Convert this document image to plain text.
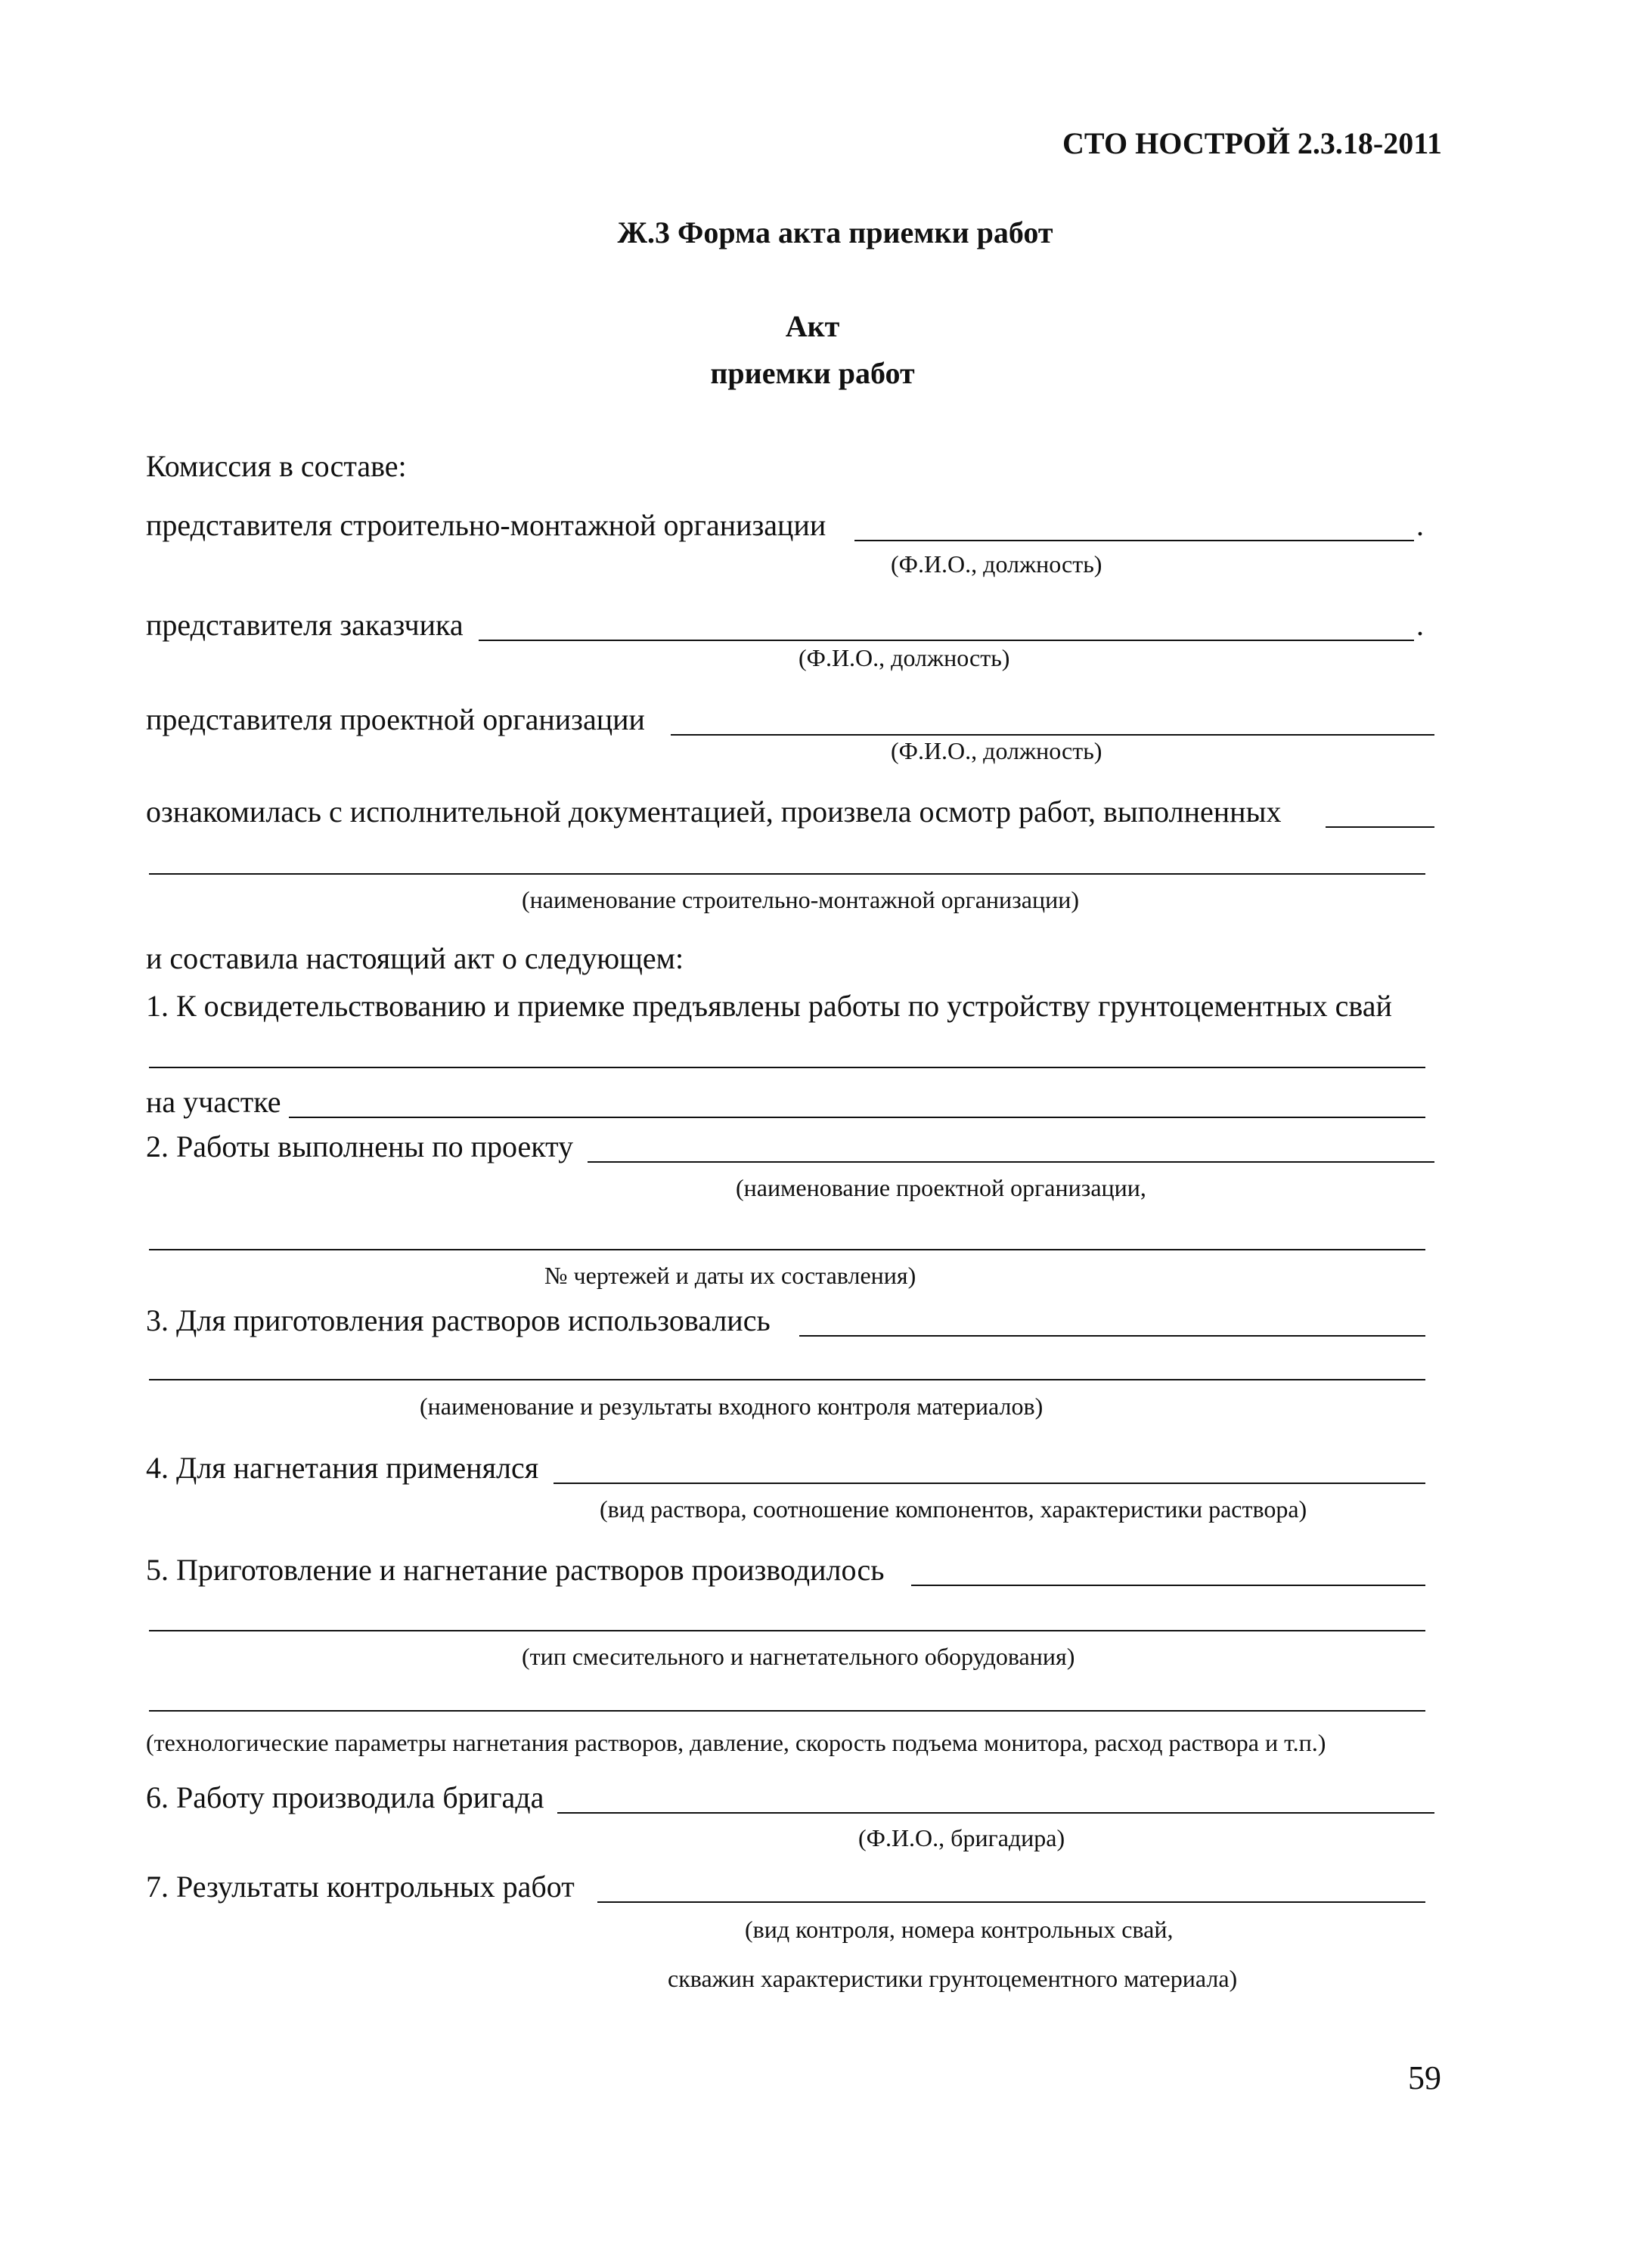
СТО НОСТРОЙ 2.3.18-2011
Ж.3 Форма акта приемки работ
Акт
приемки работ
Комиссия в составе:
представителя строительно-монтажной организации	.
(Ф.И.О., должность)
представителя заказчика	.
(Ф.И.О., должность)
представителя проектной организации
(Ф.И.О., должность)
ознакомилась с исполнительной документацией, произвела осмотр работ, выполненных
(наименование строительно-монтажной организации)
и составила настоящий акт о следующем:
1. К освидетельствованию и приемке предъявлены работы по устройству грунтоцементных свай
на участке
2. Работы выполнены по проекту
(наименование проектной организации,
№ чертежей и даты их составления)
3. Для приготовления растворов использовались
(наименование и результаты входного контроля материалов)
4. Для нагнетания применялся
(вид раствора, соотношение компонентов, характеристики раствора)
5. Приготовление и нагнетание растворов производилось
(тип смесительного и нагнетательного оборудования)
(технологические параметры нагнетания растворов, давление, скорость подъема монитора, расход раствора и т.п.)
6. Работу производила бригада
(Ф.И.О., бригадира)
7. Результаты контрольных работ
(вид контроля, номера контрольных свай,
скважин характеристики грунтоцементного материала)
59
